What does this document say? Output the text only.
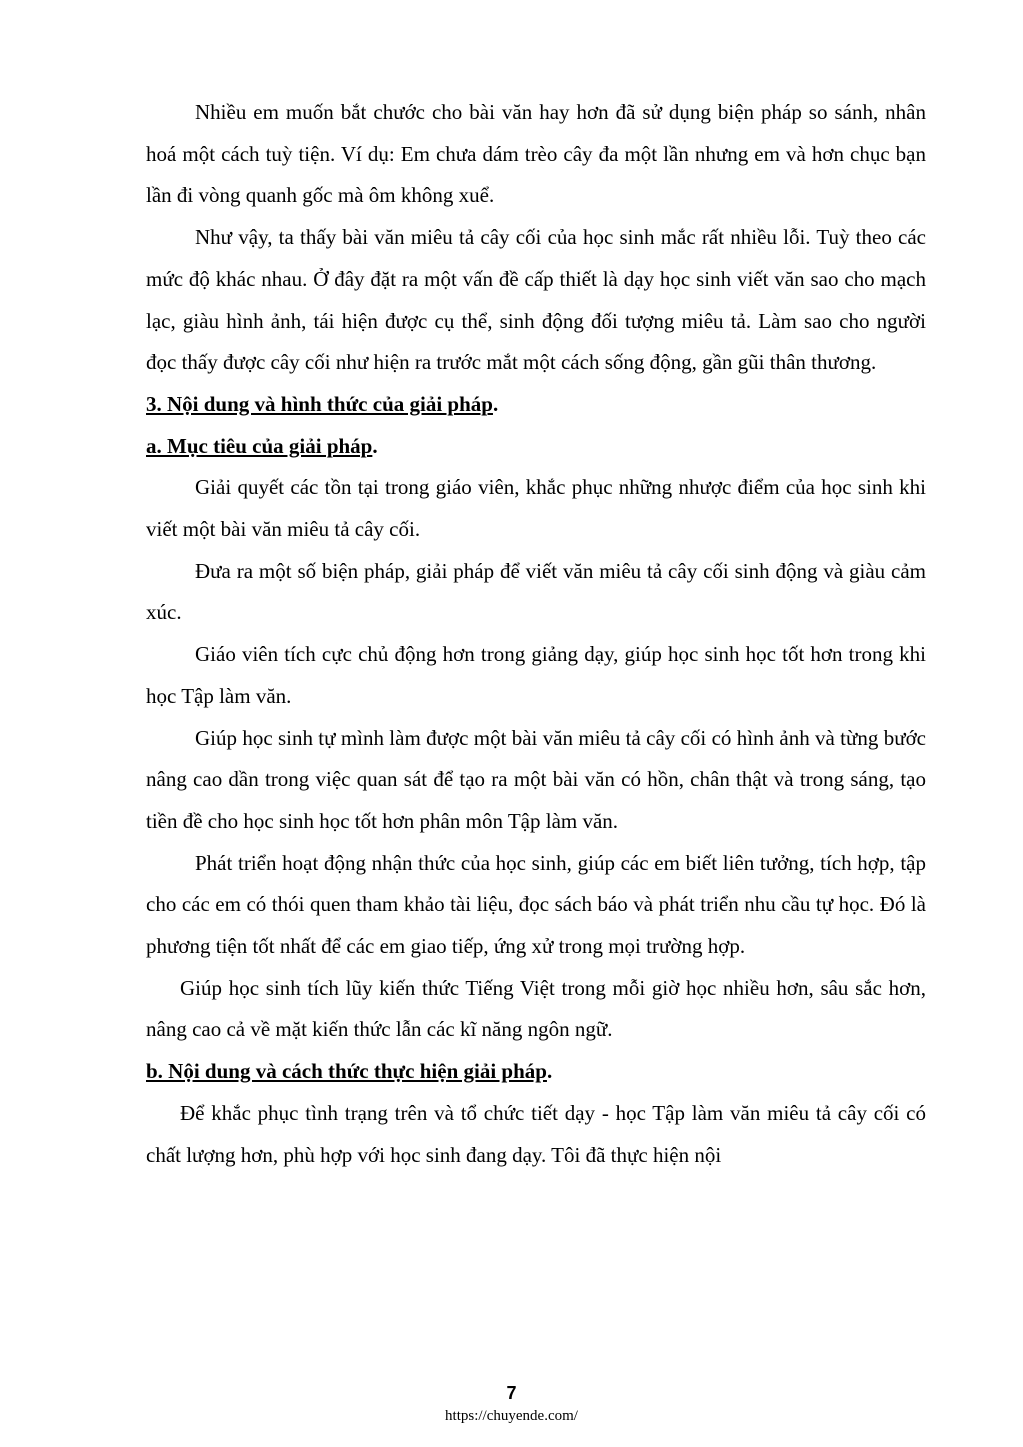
Nhiều em muốn bắt chước cho bài văn hay hơn đã sử dụng biện pháp so sánh, nhân hoá một cách tuỳ tiện. Ví dụ: Em chưa dám trèo cây đa một lần nhưng em và hơn chục bạn lần đi vòng quanh gốc mà ôm không xuể.

Như vậy, ta thấy bài văn miêu tả cây cối của học sinh mắc rất nhiều lỗi. Tuỳ theo các mức độ khác nhau. Ở đây đặt ra một vấn đề cấp thiết là dạy học sinh viết văn sao cho mạch lạc, giàu hình ảnh, tái hiện được cụ thể, sinh động đối tượng miêu tả. Làm sao cho người đọc thấy được cây cối như hiện ra trước mắt một cách sống động, gần gũi thân thương.

3. Nội dung và hình thức của giải pháp.

a. Mục tiêu của giải pháp.

Giải quyết các tồn tại trong giáo viên, khắc phục những nhược điểm của học sinh khi viết một bài văn miêu tả cây cối.

Đưa ra một số biện pháp, giải pháp để viết văn miêu tả cây cối sinh động và giàu cảm xúc.

Giáo viên tích cực chủ động hơn trong giảng dạy, giúp học sinh học tốt hơn trong khi học Tập làm văn.

Giúp học sinh tự mình làm được một bài văn miêu tả cây cối có hình ảnh và từng bước nâng cao dần trong việc quan sát để tạo ra một bài văn có hồn, chân thật và trong sáng, tạo tiền đề cho học sinh học tốt hơn phân môn Tập làm văn.

Phát triển hoạt động nhận thức của học sinh, giúp các em biết liên tưởng, tích hợp, tập cho các em có thói quen tham khảo tài liệu, đọc sách báo và phát triển nhu cầu tự học. Đó là phương tiện tốt nhất để các em giao tiếp, ứng xử trong mọi trường hợp.

Giúp học sinh tích lũy kiến thức Tiếng Việt trong mỗi giờ học nhiều hơn, sâu sắc hơn, nâng cao cả về mặt kiến thức lẫn các kĩ năng ngôn ngữ.

b. Nội dung và cách thức thực hiện giải pháp.

Để khắc phục tình trạng trên và tổ chức tiết dạy - học Tập làm văn miêu tả cây cối có chất lượng hơn, phù hợp với học sinh đang dạy. Tôi đã thực hiện nội

7
https://chuyende.com/
